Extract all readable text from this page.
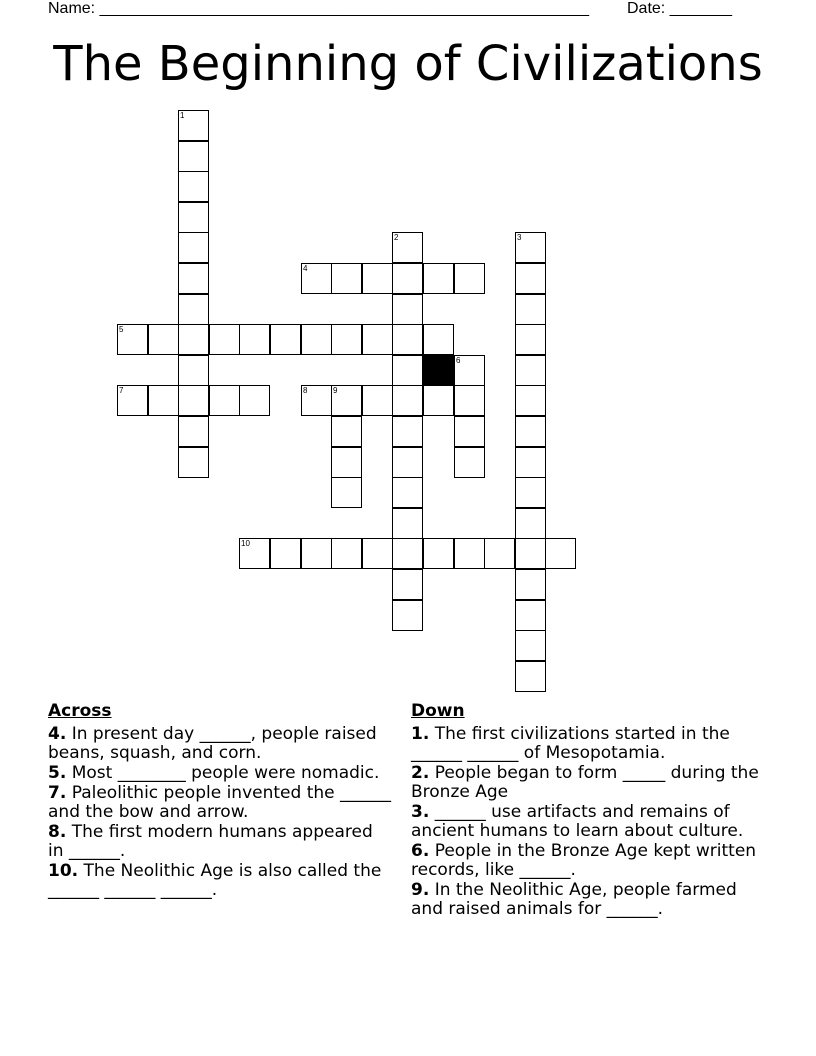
Name: _______________________________________________________ Date: _______
The Beginning of Civilizations
1
2	3
4
5
6
7	8	9
10
Across
4. In present day ______, people raised beans, squash, and corn.
5. Most ________ people were nomadic.
7. Paleolithic people invented the ______ and the bow and arrow.
8. The first modern humans appeared in ______.
10. The Neolithic Age is also called the ______ ______ ______.
Down
1. The first civilizations started in the ______ ______ of Mesopotamia.
2. People began to form _____ during the Bronze Age
3. ______ use artifacts and remains of ancient humans to learn about culture.
6. People in the Bronze Age kept written records, like ______.
9. In the Neolithic Age, people farmed and raised animals for ______.
